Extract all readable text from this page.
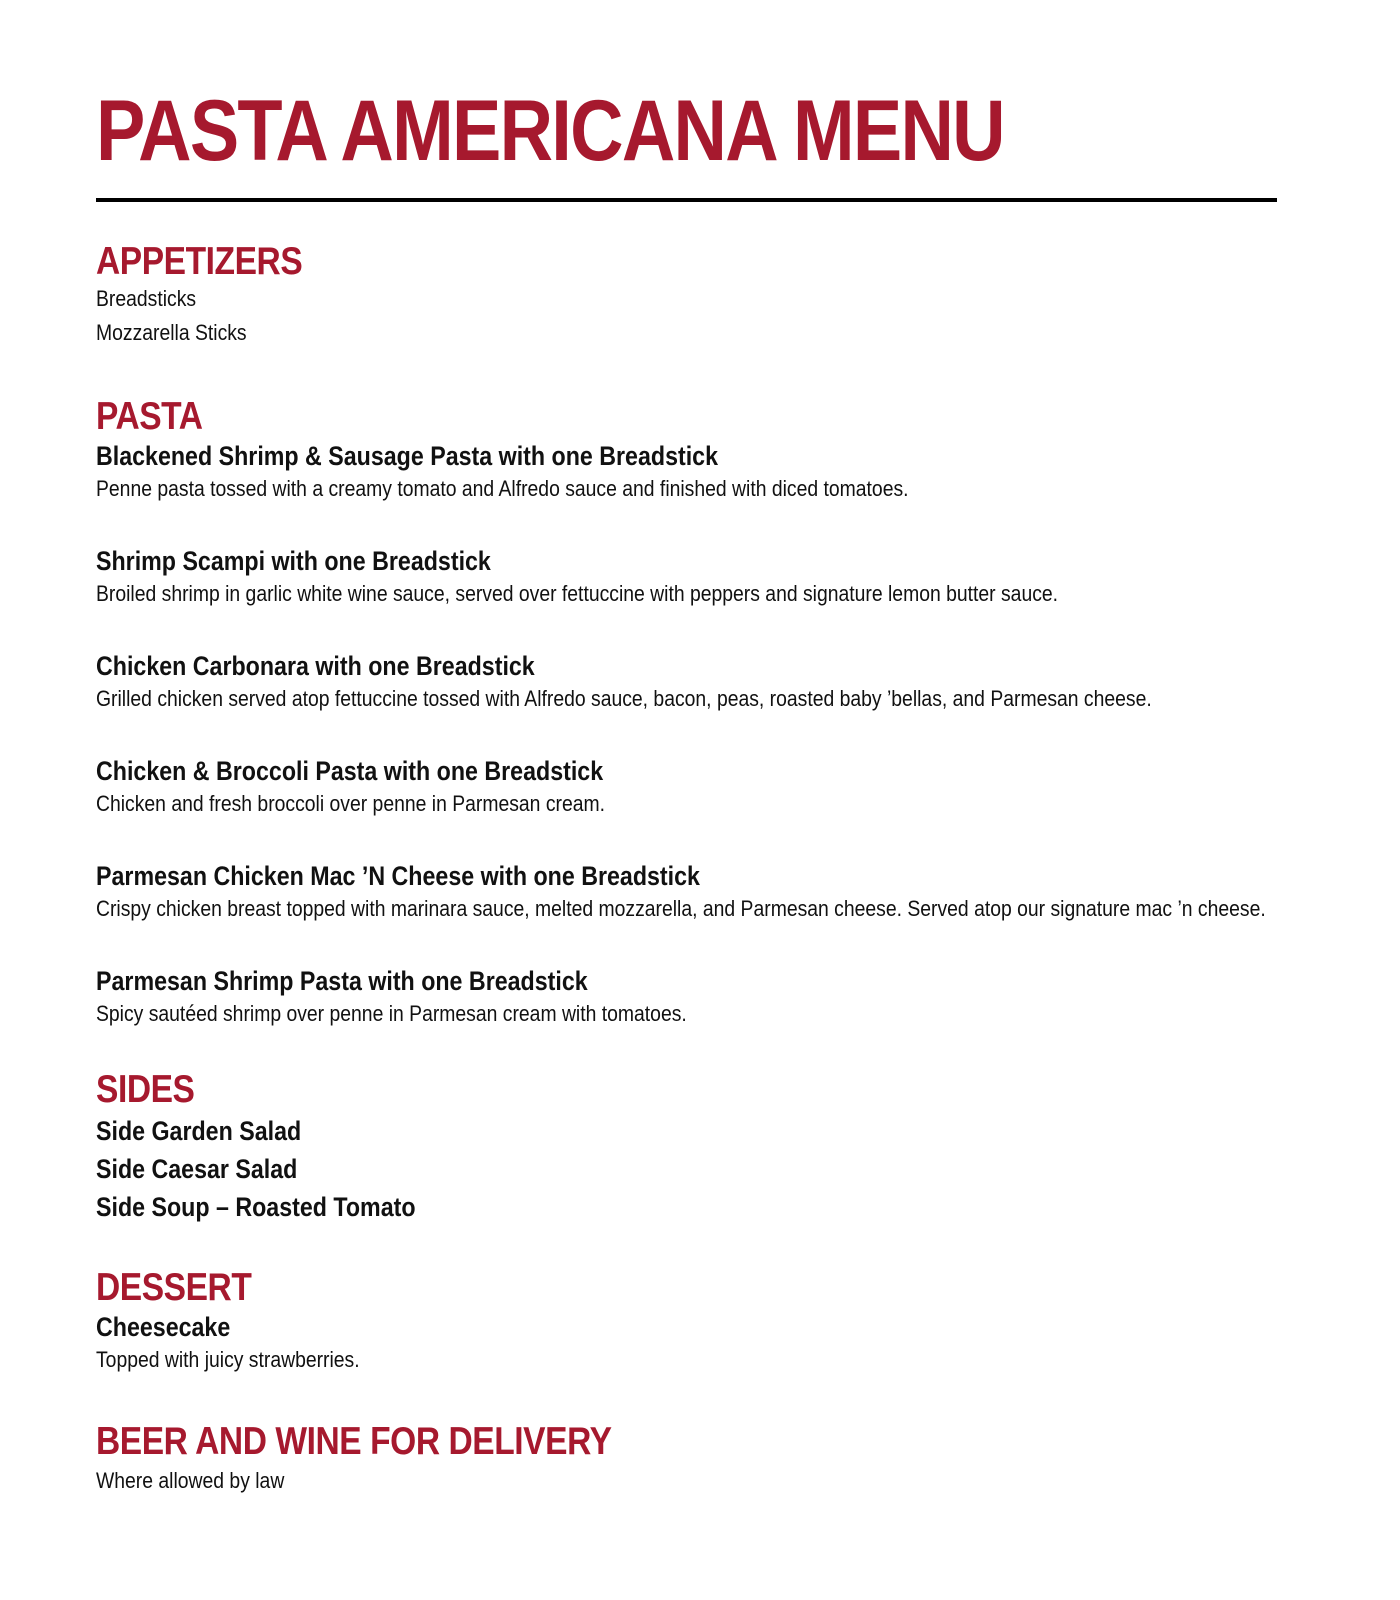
PASTA AMERICANA MENU
APPETIZERS
Breadsticks
Mozzarella Sticks
PASTA
Blackened Shrimp & Sausage Pasta with one Breadstick
Penne pasta tossed with a creamy tomato and Alfredo sauce and finished with diced tomatoes.
Shrimp Scampi with one Breadstick
Broiled shrimp in garlic white wine sauce, served over fettuccine with peppers and signature lemon butter sauce.
Chicken Carbonara with one Breadstick
Grilled chicken served atop fettuccine tossed with Alfredo sauce, bacon, peas, roasted baby ’bellas, and Parmesan cheese.
Chicken & Broccoli Pasta with one Breadstick
Chicken and fresh broccoli over penne in Parmesan cream.
Parmesan Chicken Mac ’N Cheese with one Breadstick
Crispy chicken breast topped with marinara sauce, melted mozzarella, and Parmesan cheese. Served atop our signature mac ’n cheese.
Parmesan Shrimp Pasta with one Breadstick
Spicy sautéed shrimp over penne in Parmesan cream with tomatoes.
SIDES
Side Garden Salad
Side Caesar Salad
Side Soup – Roasted Tomato
DESSERT
Cheesecake
Topped with juicy strawberries.
BEER AND WINE FOR DELIVERY
Where allowed by law
